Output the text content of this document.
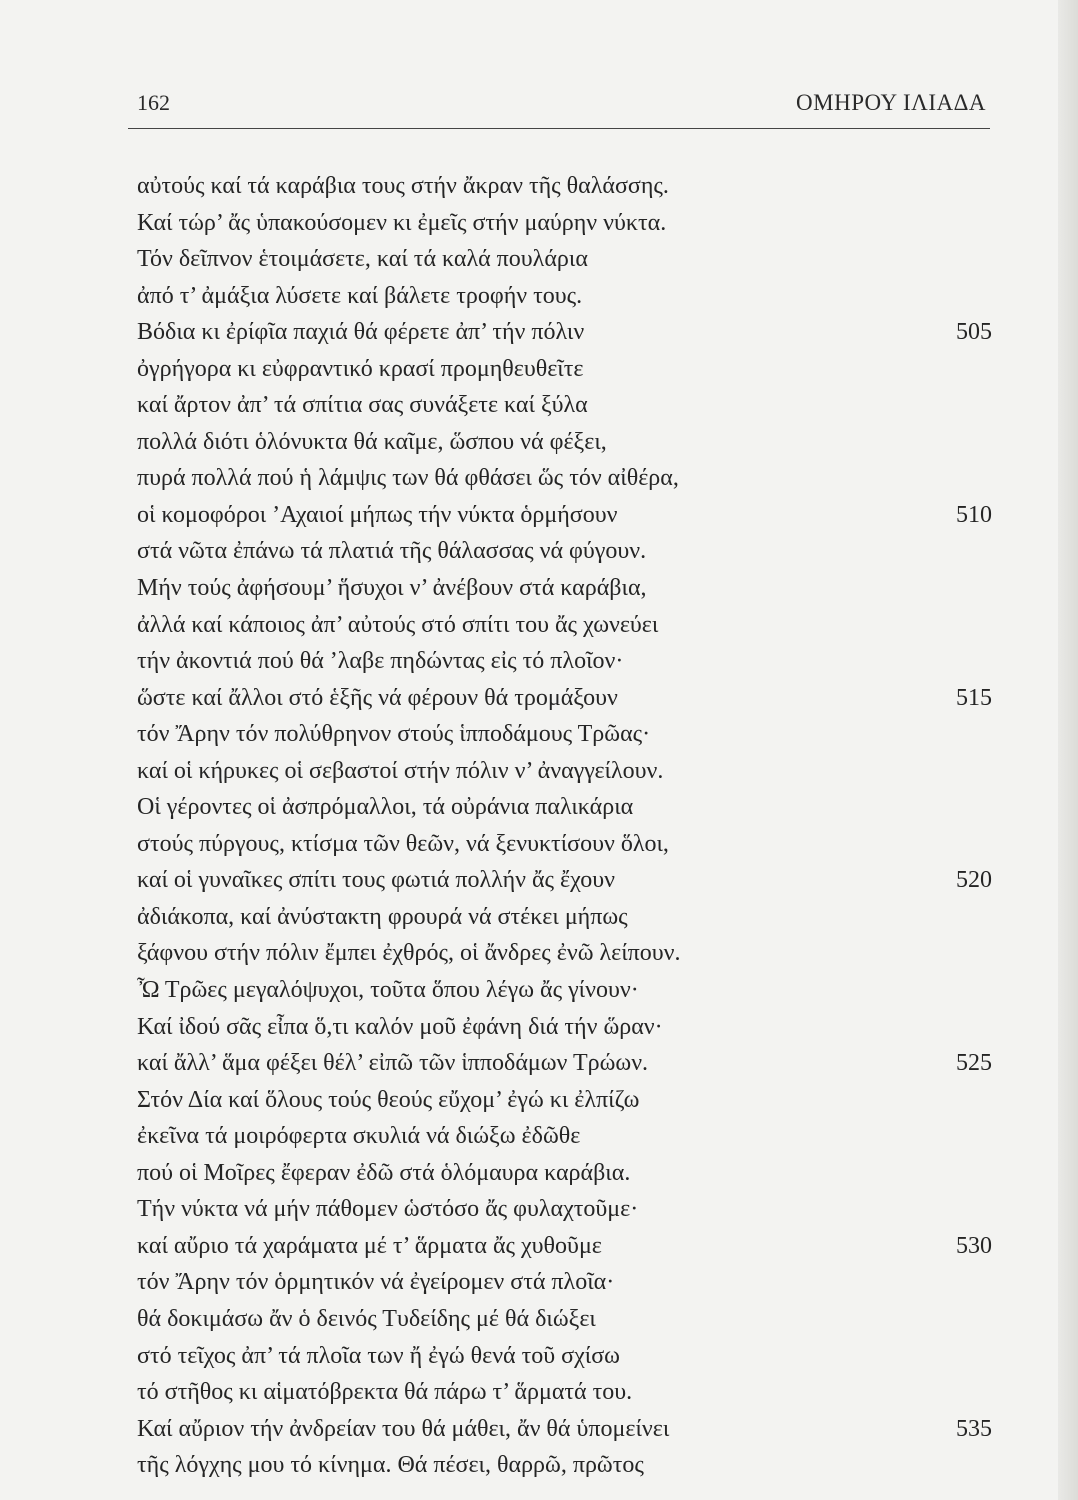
162	ΟΜΗΡΟΥ ΙΛΙΑΔΑ
αὐτούς καί τά καράβια τους στήν ἄκραν τῆς θαλάσσης.
Καί τώρ’ ἄς ὑπακούσομεν κι ἐμεῖς στήν μαύρην νύκτα.
Τόν δεῖπνον ἑτοιμάσετε, καί τά καλά πουλάρια
ἀπό τ’ ἀμάξια λύσετε καί βάλετε τροφήν τους.
Βόδια κι ἐρίφῖα παχιά θά φέρετε ἀπ’ τήν πόλιν	505
ὀγρήγορα κι εὐφραντικό κρασί προμηθευθεῖτε
καί ἄρτον ἀπ’ τά σπίτια σας συνάξετε καί ξύλα
πολλά διότι ὁλόνυκτα θά καῖμε, ὥσπου νά φέξει,
πυρά πολλά πού ἡ λάμψις των θά φθάσει ὥς τόν αἰθέρα,
οἱ κομοφόροι ’Αχαιοί μήπως τήν νύκτα ὁρμήσουν	510
στά νῶτα ἐπάνω τά πλατιά τῆς θάλασσας νά φύγουν.
Μήν τούς ἀφήσουμ’ ἥσυχοι ν’ ἀνέβουν στά καράβια,
ἀλλά καί κάποιος ἀπ’ αὐτούς στό σπίτι του ἄς χωνεύει
τήν ἀκοντιά πού θά ’λαβε πηδώντας εἰς τό πλοῖον·
ὥστε καί ἄλλοι στό ἑξῆς νά φέρουν θά τρομάξουν	515
τόν Ἄρην τόν πολύθρηνον στούς ἱπποδάμους Τρῶας·
καί οἱ κήρυκες οἱ σεβαστοί στήν πόλιν ν’ ἀναγγείλουν.
Οἱ γέροντες οἱ ἀσπρόμαλλοι, τά οὐράνια παλικάρια
στούς πύργους, κτίσμα τῶν θεῶν, νά ξενυκτίσουν ὅλοι,
καί οἱ γυναῖκες σπίτι τους φωτιά πολλήν ἄς ἔχουν	520
ἀδιάκοπα, καί ἀνύστακτη φρουρά νά στέκει μήπως
ξάφνου στήν πόλιν ἔμπει ἐχθρός, οἱ ἄνδρες ἐνῶ λείπουν.
Ὦ Τρῶες μεγαλόψυχοι, τοῦτα ὅπου λέγω ἄς γίνουν·
Καί ἰδού σᾶς εἶπα ὅ,τι καλόν μοῦ ἐφάνη διά τήν ὥραν·
καί ἄλλ’ ἅμα φέξει θέλ’ εἰπῶ τῶν ἱπποδάμων Τρώων.	525
Στόν Δία καί ὅλους τούς θεούς εὔχομ’ ἐγώ κι ἐλπίζω
ἐκεῖνα τά μοιρόφερτα σκυλιά νά διώξω ἐδῶθε
πού οἱ Μοῖρες ἔφεραν ἐδῶ στά ὁλόμαυρα καράβια.
Τήν νύκτα νά μήν πάθομεν ὡστόσο ἄς φυλαχτοῦμε·
καί αὔριο τά χαράματα μέ τ’ ἅρματα ἄς χυθοῦμε	530
τόν Ἄρην τόν ὁρμητικόν νά ἐγείρομεν στά πλοῖα·
θά δοκιμάσω ἄν ὁ δεινός Τυδείδης μέ θά διώξει
στό τεῖχος ἀπ’ τά πλοῖα των ἤ ἐγώ θενά τοῦ σχίσω
τό στῆθος κι αἱματόβρεκτα θά πάρω τ’ ἅρματά του.
Καί αὔριον τήν ἀνδρείαν του θά μάθει, ἄν θά ὑπομείνει	535
τῆς λόγχης μου τό κίνημα. Θά πέσει, θαρρῶ, πρῶτος
